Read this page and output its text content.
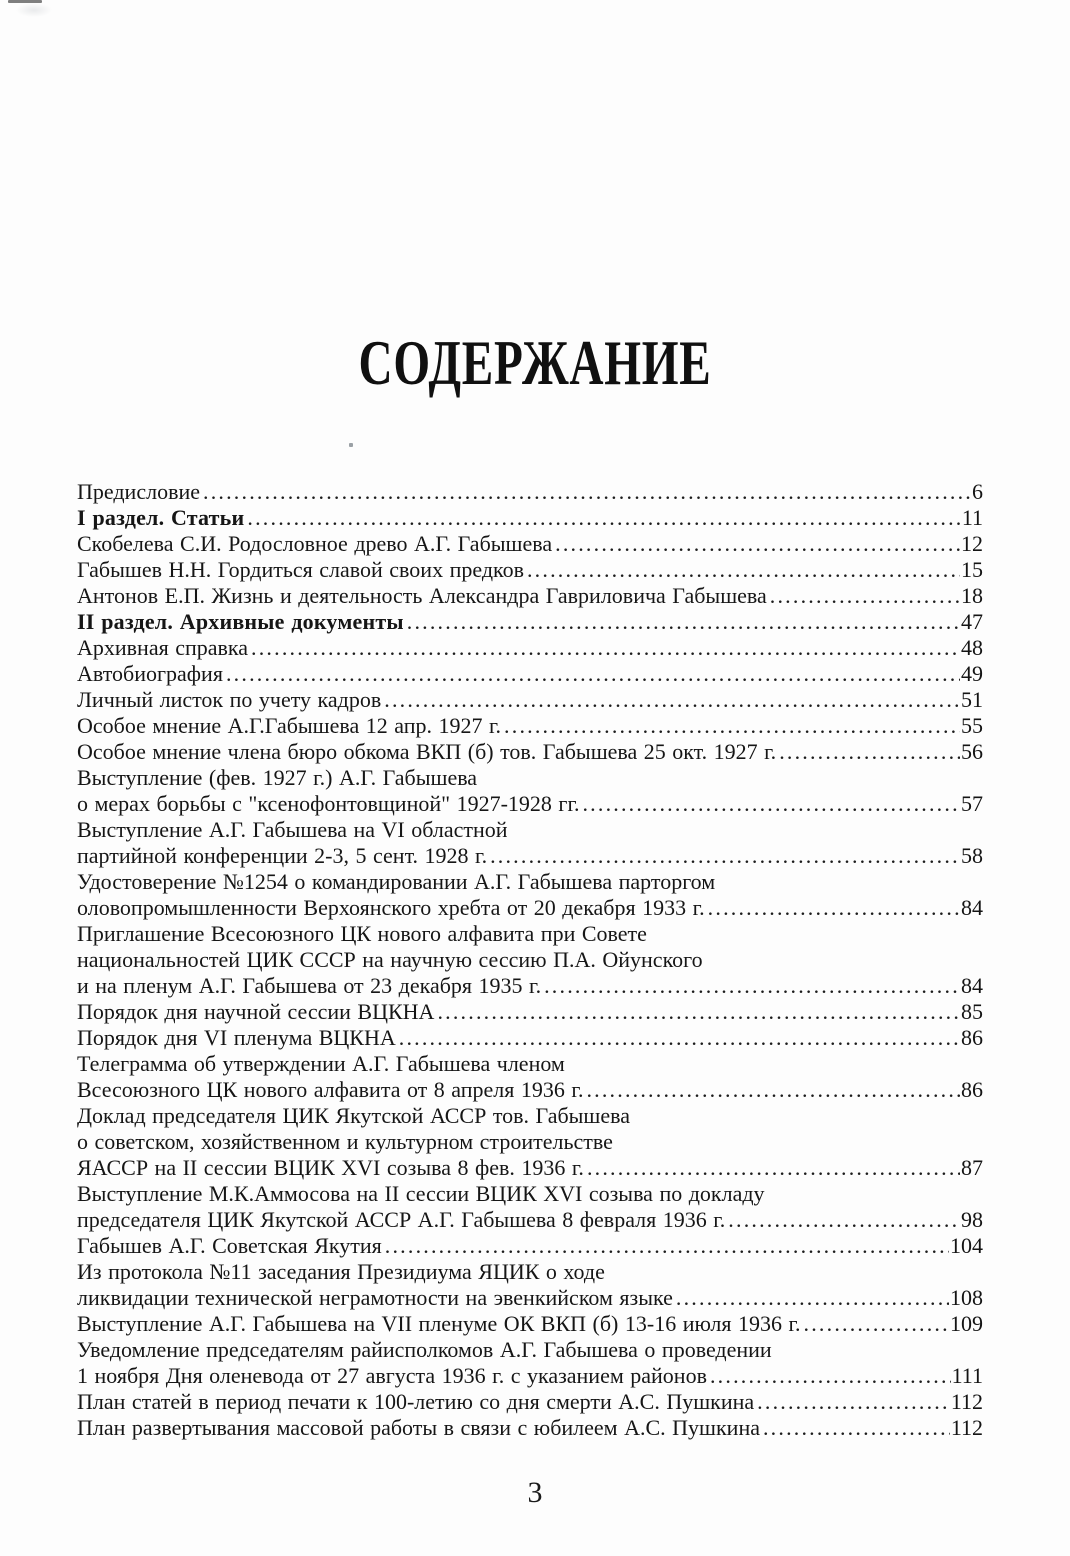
СОДЕРЖАНИЕ
Предисловие .....	6
I раздел. Статьи .....	11
Скобелева С.И. Родословное древо А.Г. Габышева .....	12
Габышев Н.Н. Гордиться славой своих предков .....	15
Антонов Е.П. Жизнь и деятельность Александра Гавриловича Габышева .....	18
II раздел. Архивные документы .....	47
Архивная справка .....	48
Автобиография .....	49
Личный листок по учету кадров .....	51
Особое мнение А.Г.Габышева 12 апр. 1927 г. .....	55
Особое мнение члена бюро обкома ВКП (б) тов. Габышева 25 окт. 1927 г. .....	56
Выступление (фев. 1927 г.) А.Г. Габышева
о мерах борьбы с "ксенофонтовщиной" 1927-1928 гг. .....	57
Выступление А.Г. Габышева на VI областной
партийной конференции 2-3, 5 сент. 1928 г. .....	58
Удостоверение №1254 о командировании А.Г. Габышева парторгом
оловопромышленности Верхоянского хребта от 20 декабря 1933 г. .....	84
Приглашение Всесоюзного ЦК нового алфавита при Совете
национальностей ЦИК СССР на научную сессию П.А. Ойунского
и на пленум А.Г. Габышева от 23 декабря 1935 г. .....	84
Порядок дня научной сессии ВЦКНА .....	85
Порядок дня VI пленума ВЦКНА .....	86
Телеграмма об утверждении А.Г. Габышева членом
Всесоюзного ЦК нового алфавита от 8 апреля 1936 г. .....	86
Доклад председателя ЦИК Якутской АССР тов. Габышева
о советском, хозяйственном и культурном строительстве
ЯАССР на II сессии ВЦИК XVI созыва 8 фев. 1936 г. .....	87
Выступление М.К.Аммосова на II сессии ВЦИК XVI созыва по докладу
председателя ЦИК Якутской АССР А.Г. Габышева 8 февраля 1936 г. .....	98
Габышев А.Г. Советская Якутия .....	104
Из протокола №11 заседания Президиума ЯЦИК о ходе
ликвидации технической неграмотности на эвенкийском языке .....	108
Выступление А.Г. Габышева на VII пленуме ОК ВКП (б) 13-16 июля 1936 г. .....	109
Уведомление председателям райисполкомов А.Г. Габышева о проведении
1 ноября Дня оленевода от 27 августа 1936 г. с указанием районов .....	111
План статей в период печати к 100-летию со дня смерти А.С. Пушкина .....	112
План развертывания массовой работы в связи с юбилеем А.С. Пушкина .....	112
3
